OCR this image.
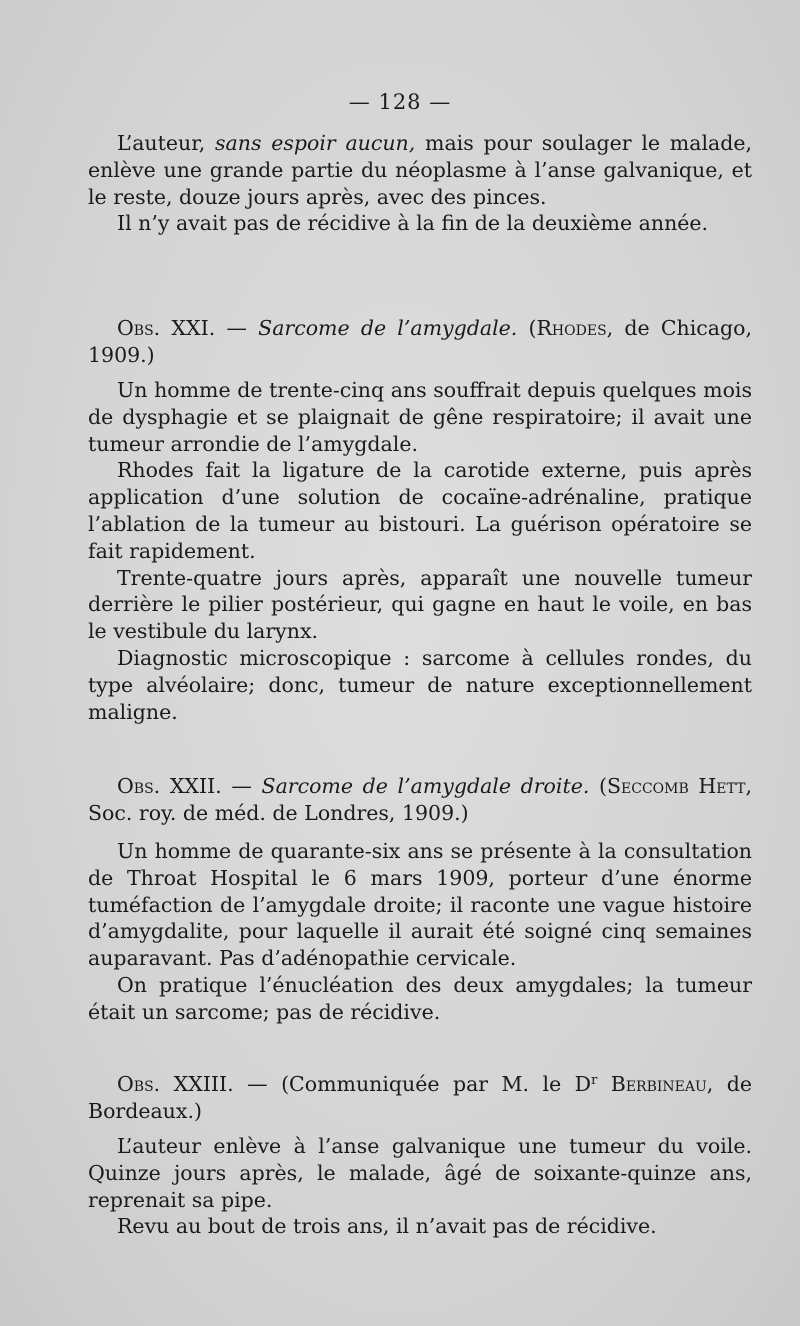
— 128 —

L’auteur, sans espoir aucun, mais pour soulager le malade, enlève une grande partie du néoplasme à l’anse galvanique, et le reste, douze jours après, avec des pinces.

Il n’y avait pas de récidive à la fin de la deuxième année.

Obs. XXI. — Sarcome de l’amygdale. (Rhodes, de Chicago, 1909.)

Un homme de trente-cinq ans souffrait depuis quelques mois de dysphagie et se plaignait de gêne respiratoire; il avait une tumeur arrondie de l’amygdale.

Rhodes fait la ligature de la carotide externe, puis après application d’une solution de cocaïne-adrénaline, pratique l’ablation de la tumeur au bistouri. La guérison opératoire se fait rapidement.

Trente-quatre jours après, apparaît une nouvelle tumeur derrière le pilier postérieur, qui gagne en haut le voile, en bas le vestibule du larynx.

Diagnostic microscopique : sarcome à cellules rondes, du type alvéolaire; donc, tumeur de nature exceptionnellement maligne.

Obs. XXII. — Sarcome de l’amygdale droite. (Seccomb Hett, Soc. roy. de méd. de Londres, 1909.)

Un homme de quarante-six ans se présente à la consultation de Throat Hospital le 6 mars 1909, porteur d’une énorme tuméfaction de l’amygdale droite; il raconte une vague histoire d’amygdalite, pour laquelle il aurait été soigné cinq semaines auparavant. Pas d’adénopathie cervicale.

On pratique l’énucléation des deux amygdales; la tumeur était un sarcome; pas de récidive.

Obs. XXIII. — (Communiquée par M. le $D^r$ Berbineau, de Bordeaux.)

L’auteur enlève à l’anse galvanique une tumeur du voile. Quinze jours après, le malade, âgé de soixante-quinze ans, reprenait sa pipe.

Revu au bout de trois ans, il n’avait pas de récidive.
